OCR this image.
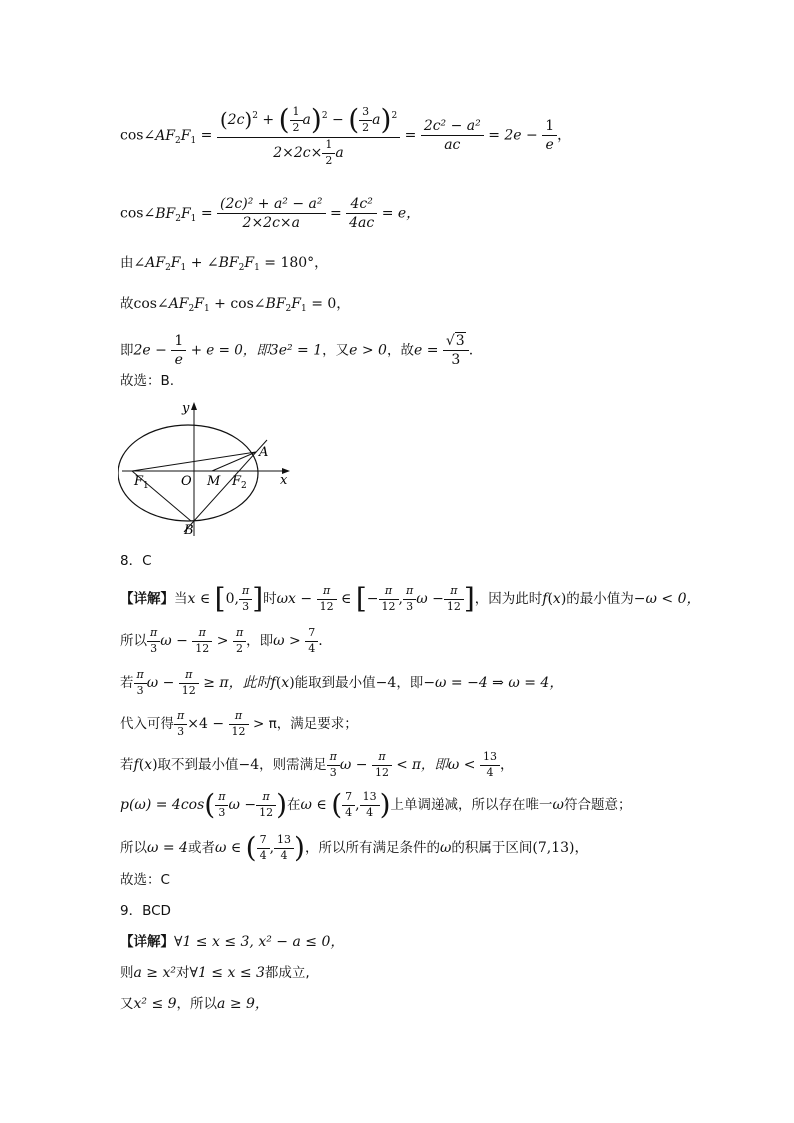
$\cos\angle AF_2F_1 = \frac{(2c)^2 + ( \frac{1}{2} a)^2 - ( \frac{3}{2} a)^2}{2\times 2c\times \frac{1}{2} a} = \frac{\text{2c² − a²}}{ac} = 2e - \frac{1}{e}$ ，
$\cos\angle BF_2F_1 = \frac{\text{(2c)² + a² − a²}}{2\times 2c\times a} = \frac{\text{4c²}}{4ac} = e$，
由$\angle AF_2F_1$ + $\angle BF_2F_1 = 180^\circ$，
故$\cos\angle AF_2F_1$ + $\cos\angle BF_2F_1 = 0$，
即$2e - \frac{1}{e} + e = 0$，即3e² = 1，又e > 0，故$e = \frac{√3}{3}$ .
故选：B.
y
x
O M
A
B
$F_1$	$F_2$
8．C
【详解】当x ∈ [0, $\frac{\pi}{3}$ ]时$\omega x - \frac{\pi}{12}$ ∈ [− $\frac{\pi}{12}$ , $\frac{\pi}{3}$ $\omega - \frac{\pi}{12}$ ]，因为此时f(x)的最小值为−ω < 0，
所以 $\frac{\pi}{3}$ $\omega - \frac{\pi}{12} > \frac{\pi}{2}$ ，即$\omega > \frac{7}{4}$ .
若 $\frac{\pi}{3}$ $\omega - \frac{\pi}{12} \ge \pi$，此时f(x)能取到最小值−4，即−ω = −4 ⇒ ω = 4，
代入可得 $\frac{\pi}{3} \times 4 - \frac{\pi}{12} > \pi$，满足要求；
若f(x)取不到最小值−4，则需满足 $\frac{\pi}{3}$ $\omega - \frac{\pi}{12} < \pi$，即$\omega < \frac{13}{4}$ ，
$p(\omega) = 4\cos( \frac{\pi}{3}$ $\omega - \frac{\pi}{12}$ )在ω ∈ ( $\frac{7}{4}$ , $\frac{13}{4}$ )上单调递减，所以存在唯一ω符合题意；
所以ω = 4或者ω ∈ ( $\frac{7}{4}$ , $\frac{13}{4}$ )，所以所有满足条件的ω的积属于区间(7,13)，
故选：C
9．BCD
【详解】∀1 ≤ x ≤ 3, x² − a ≤ 0，
则a ≥ x²对∀1 ≤ x ≤ 3都成立,
又x² ≤ 9，所以a ≥ 9，
